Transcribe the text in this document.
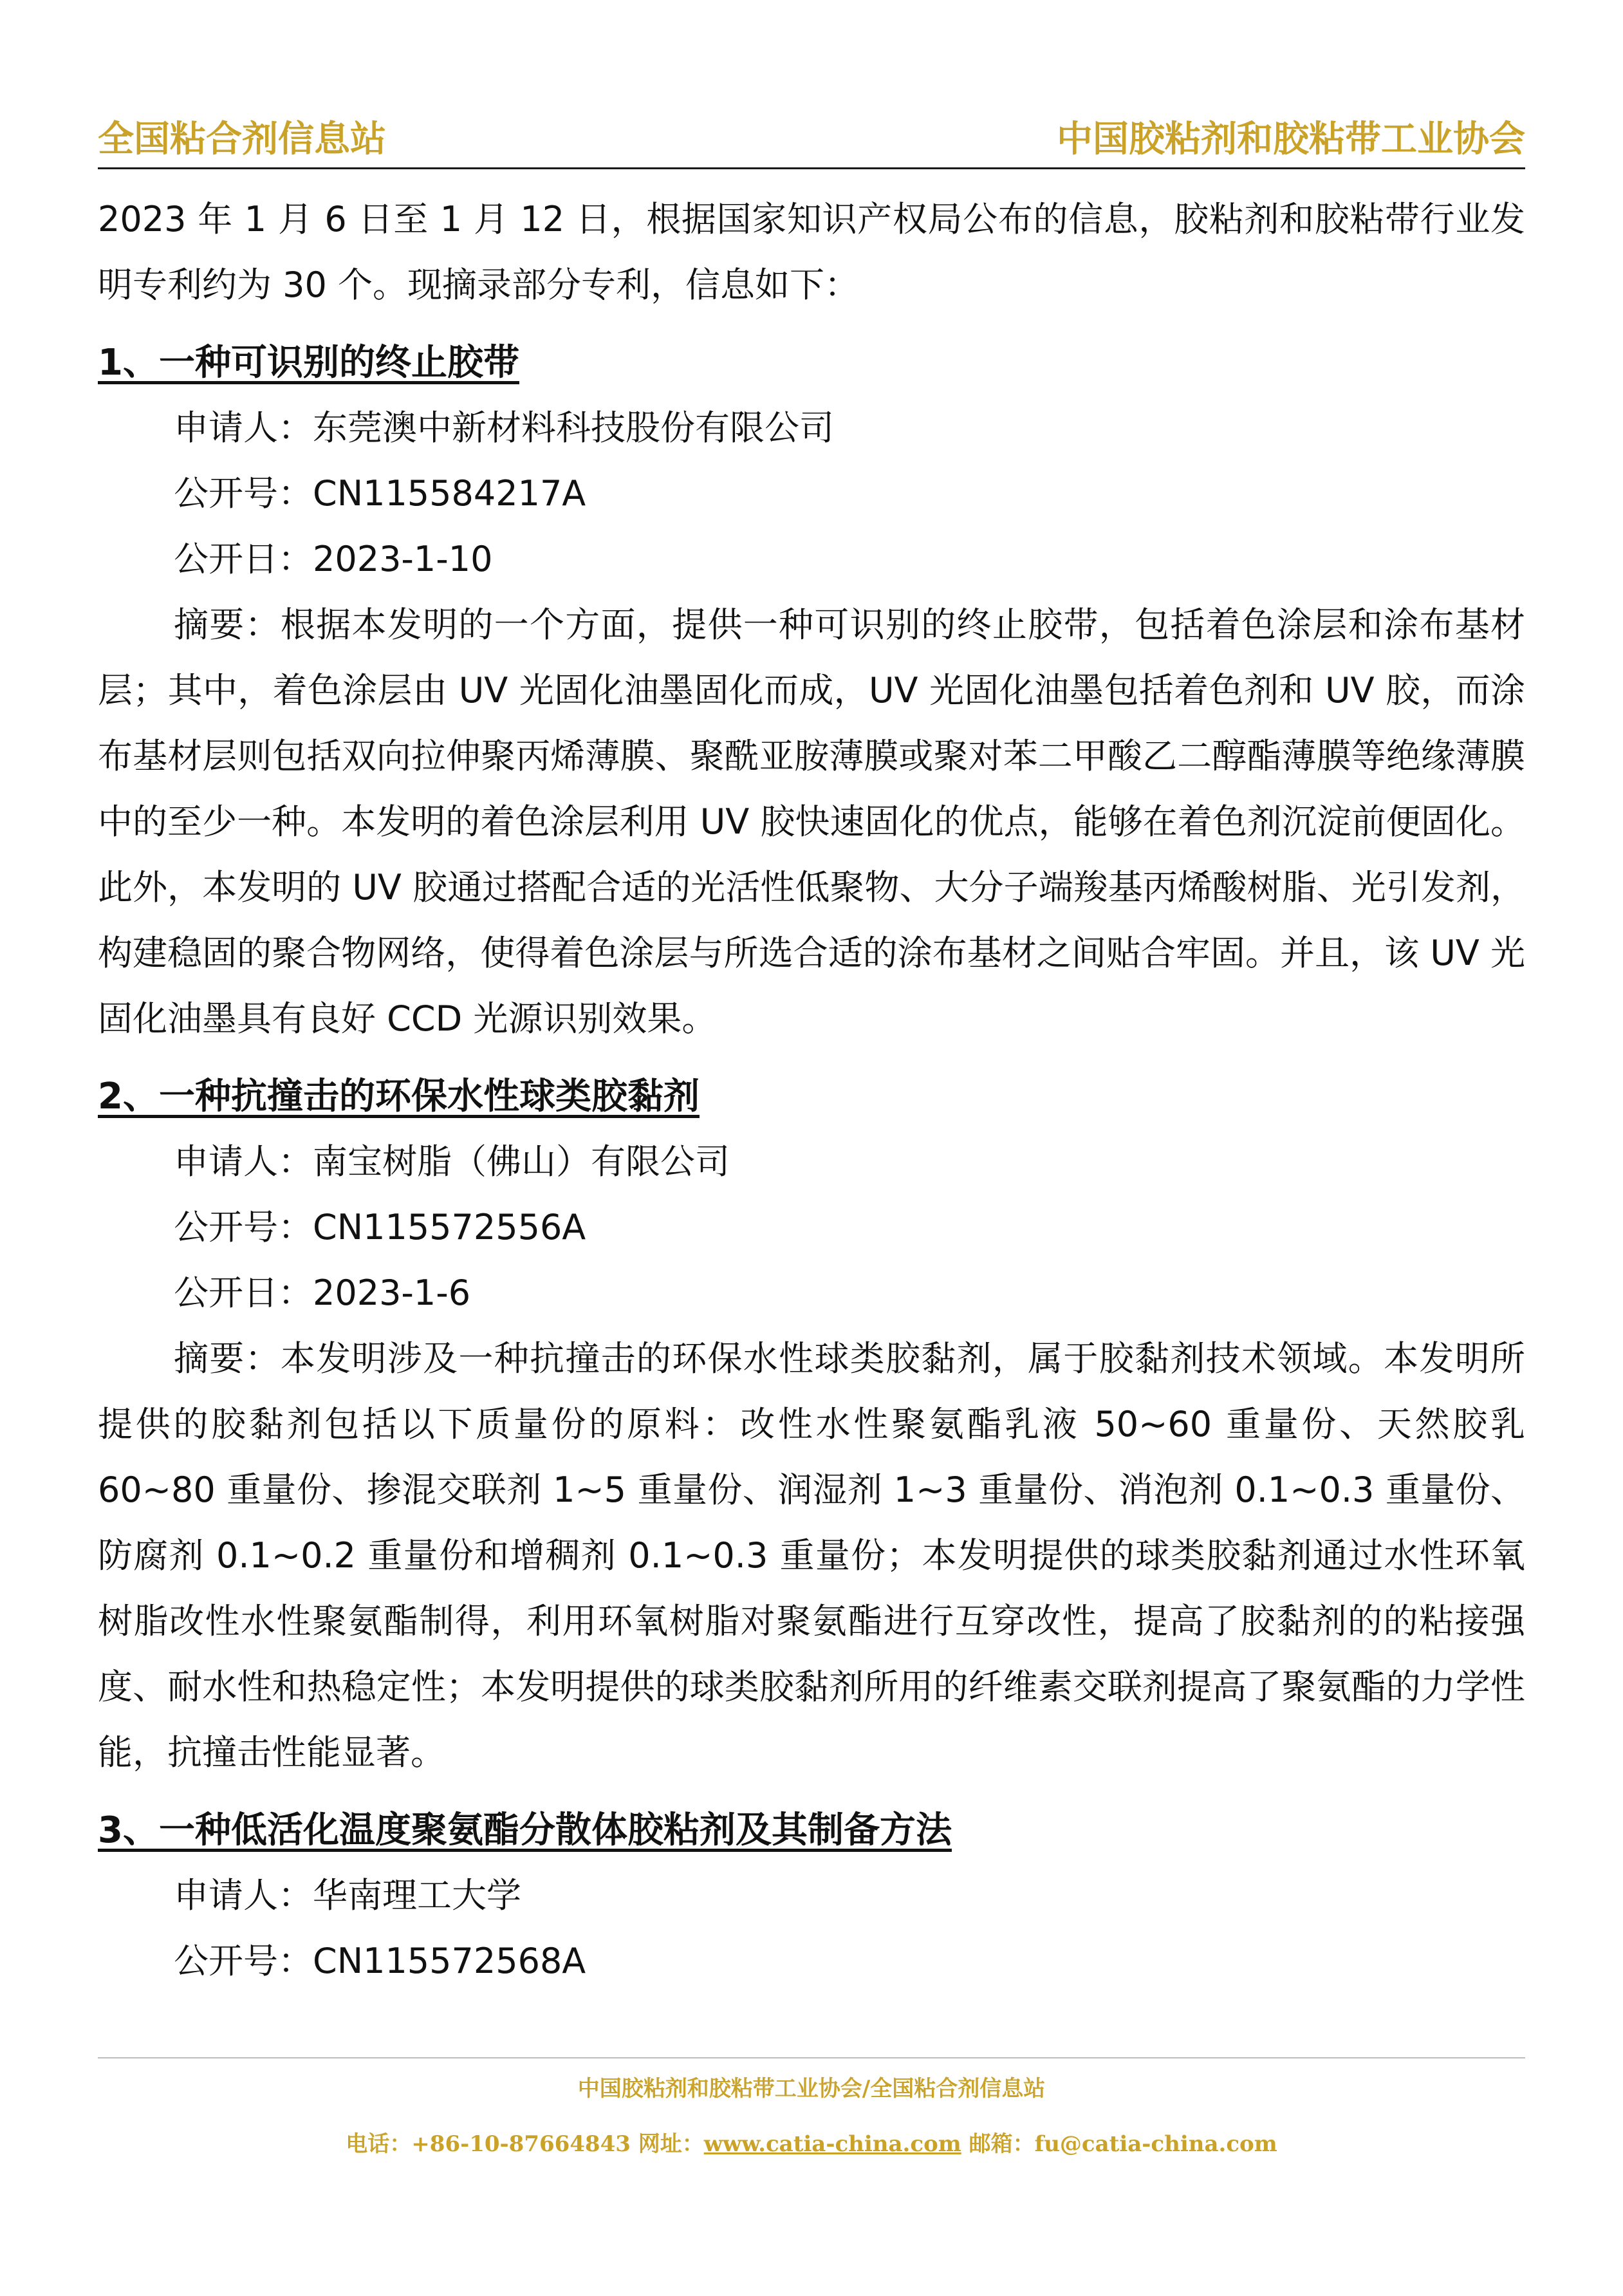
全国粘合剂信息站	中国胶粘剂和胶粘带工业协会

2023 年 1 月 6 日至 1 月 12 日，根据国家知识产权局公布的信息，胶粘剂和胶粘带行业发明专利约为 30 个。现摘录部分专利，信息如下：

1、一种可识别的终止胶带

申请人：东莞澳中新材料科技股份有限公司

公开号：CN115584217A

公开日：2023-1-10

摘要：根据本发明的一个方面，提供一种可识别的终止胶带，包括着色涂层和涂布基材层；其中，着色涂层由 UV 光固化油墨固化而成，UV 光固化油墨包括着色剂和 UV 胶，而涂布基材层则包括双向拉伸聚丙烯薄膜、聚酰亚胺薄膜或聚对苯二甲酸乙二醇酯薄膜等绝缘薄膜中的至少一种。本发明的着色涂层利用 UV 胶快速固化的优点，能够在着色剂沉淀前便固化。此外，本发明的 UV 胶通过搭配合适的光活性低聚物、大分子端羧基丙烯酸树脂、光引发剂，构建稳固的聚合物网络，使得着色涂层与所选合适的涂布基材之间贴合牢固。并且，该 UV 光固化油墨具有良好 CCD 光源识别效果。

2、一种抗撞击的环保水性球类胶黏剂

申请人：南宝树脂（佛山）有限公司

公开号：CN115572556A

公开日：2023-1-6

摘要：本发明涉及一种抗撞击的环保水性球类胶黏剂，属于胶黏剂技术领域。本发明所提供的胶黏剂包括以下质量份的原料：改性水性聚氨酯乳液 50~60 重量份、天然胶乳 60~80 重量份、掺混交联剂 1~5 重量份、润湿剂 1~3 重量份、消泡剂 0.1~0.3 重量份、防腐剂 0.1~0.2 重量份和增稠剂 0.1~0.3 重量份；本发明提供的球类胶黏剂通过水性环氧树脂改性水性聚氨酯制得，利用环氧树脂对聚氨酯进行互穿改性，提高了胶黏剂的的粘接强度、耐水性和热稳定性；本发明提供的球类胶黏剂所用的纤维素交联剂提高了聚氨酯的力学性能，抗撞击性能显著。

3、一种低活化温度聚氨酯分散体胶粘剂及其制备方法

申请人：华南理工大学

公开号：CN115572568A

中国胶粘剂和胶粘带工业协会/全国粘合剂信息站
电话：+86-10-87664843 网址：www.catia-china.com 邮箱：fu@catia-china.com
